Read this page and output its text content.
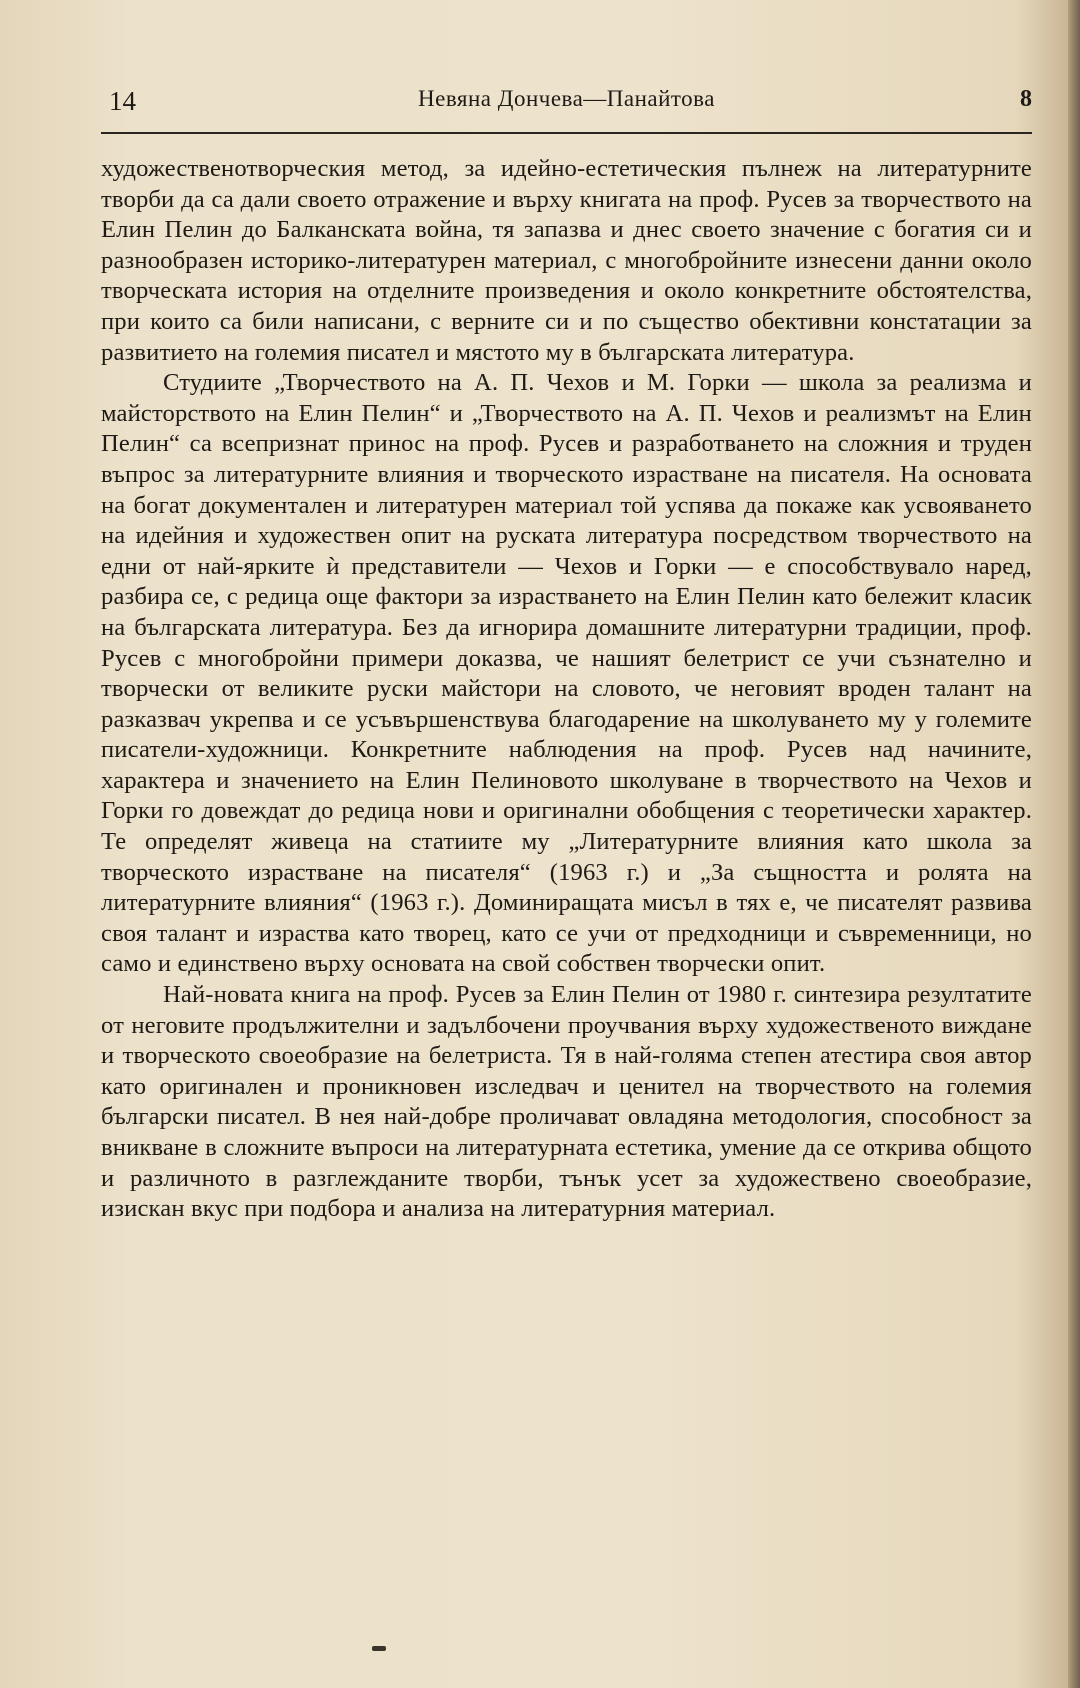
14	Невяна Дончева—Панайтова	8

художественотворческия метод, за идейно-естетическия пълнеж на литературните творби да са дали своето отражение и върху книгата на проф. Русев за творчеството на Елин Пелин до Балканската война, тя запазва и днес своето значение с богатия си и разнообразен историко-литературен материал, с многобройните изнесени данни около творческата история на отделните произведения и около конкретните обстоятелства, при които са били написани, с верните си и по същество обективни констатации за развитието на големия писател и мястото му в българската литература.

Студиите „Творчеството на А. П. Чехов и М. Горки — школа за реализма и майсторството на Елин Пелин“ и „Творчеството на А. П. Чехов и реализмът на Елин Пелин“ са всепризнат принос на проф. Русев и разработването на сложния и труден въпрос за литературните влияния и творческото израстване на писателя. На основата на богат документален и литературен материал той успява да покаже как усвояването на идейния и художествен опит на руската литература посредством творчеството на едни от най-ярките ѝ представители — Чехов и Горки — е способствувало наред, разбира се, с редица още фактори за израстването на Елин Пелин като бележит класик на българската литература. Без да игнорира домашните литературни традиции, проф. Русев с многобройни примери доказва, че нашият белетрист се учи съзнателно и творчески от великите руски майстори на словото, че неговият вроден талант на разказвач укрепва и се усъвършенствува благодарение на школуването му у големите писатели-художници. Конкретните наблюдения на проф. Русев над начините, характера и значението на Елин Пелиновото школуване в творчеството на Чехов и Горки го довеждат до редица нови и оригинални обобщения с теоретически характер. Те определят живеца на статиите му „Литературните влияния като школа за творческото израстване на писателя“ (1963 г.) и „За същността и ролята на литературните влияния“ (1963 г.). Доминиращата мисъл в тях е, че писателят развива своя талант и израства като творец, като се учи от предходници и съвременници, но само и единствено върху основата на свой собствен творчески опит.

Най-новата книга на проф. Русев за Елин Пелин от 1980 г. синтезира резултатите от неговите продължителни и задълбочени проучвания върху художественото виждане и творческото своеобразие на белетриста. Тя в най-голяма степен атестира своя автор като оригинален и проникновен изследвач и ценител на творчеството на големия български писател. В нея най-добре проличават овладяна методология, способност за вникване в сложните въпроси на литературната естетика, умение да се открива общото и различното в разглежданите творби, тънък усет за художествено своеобразие, изискан вкус при подбора и анализа на литературния материал.
